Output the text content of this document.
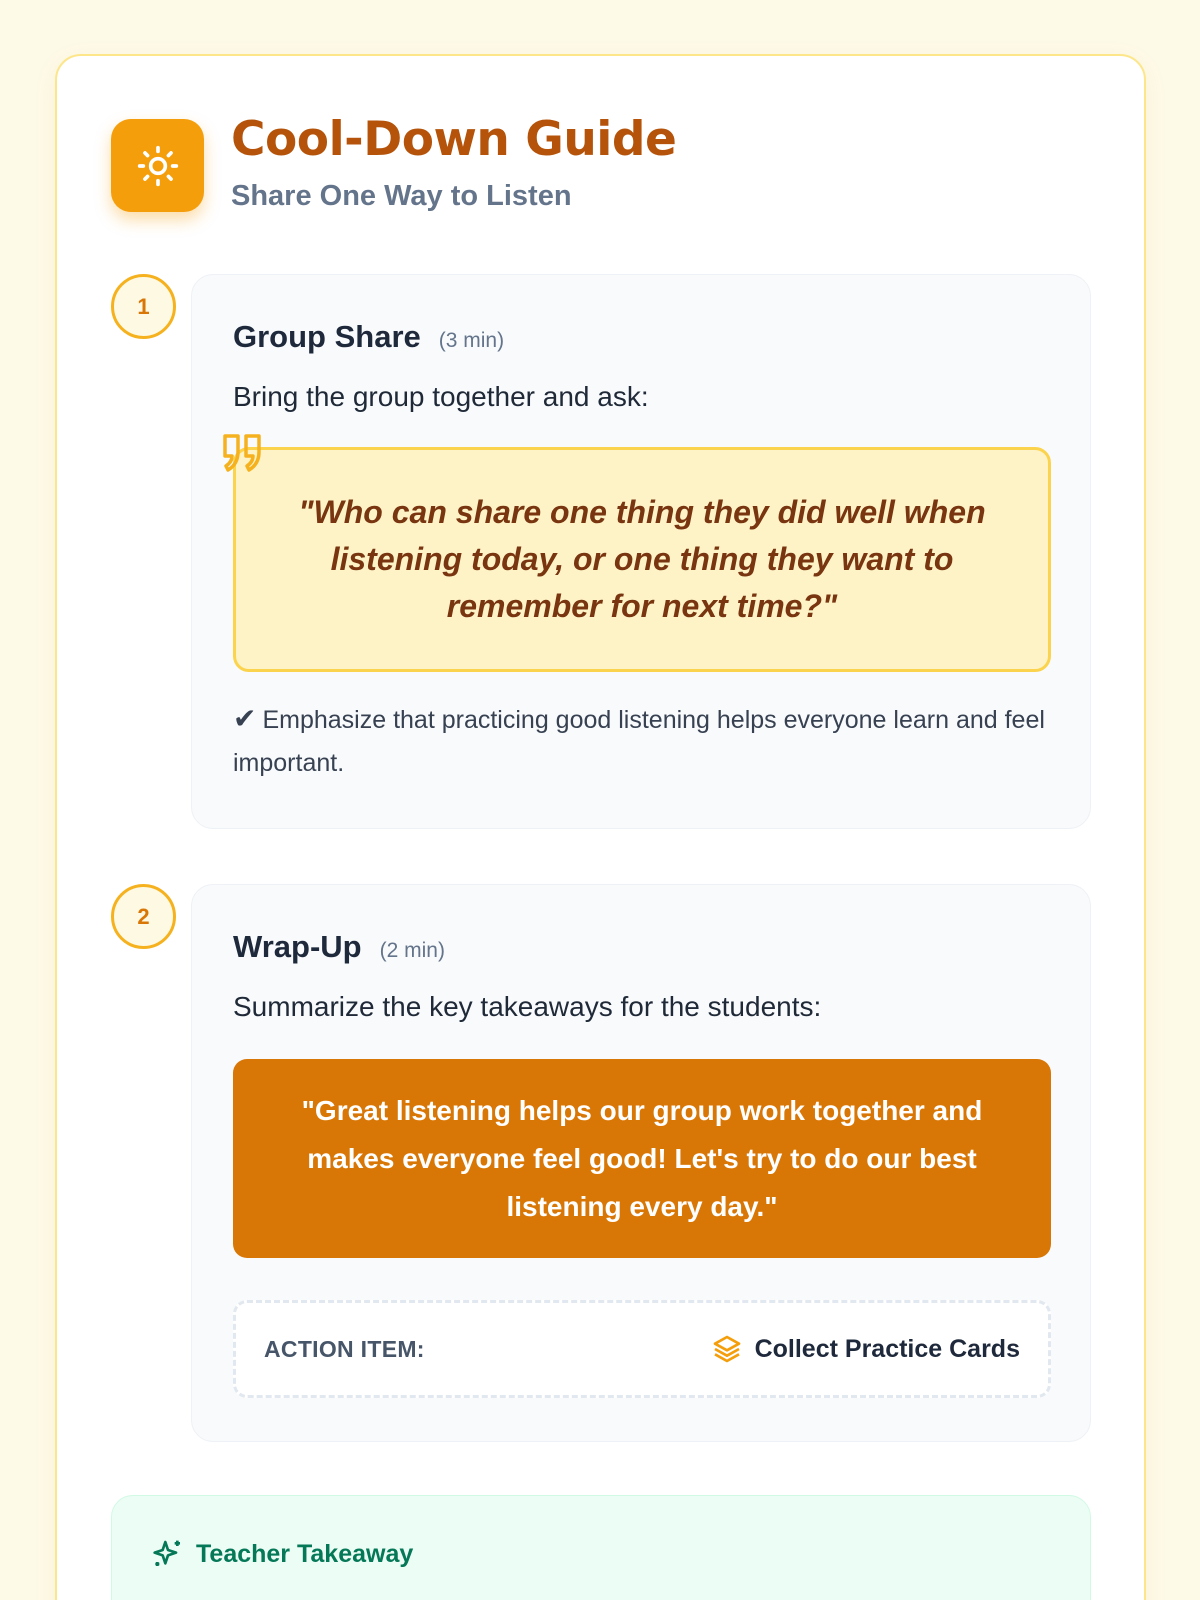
Cool-Down Guide
Share One Way to Listen
1
Group Share (3 min)
Bring the group together and ask:

"Who can share one thing they did well when listening today, or one thing they want to remember for next time?"

✔ Emphasize that practicing good listening helps everyone learn and feel important.
2
Wrap-Up (2 min)
Summarize the key takeaways for the students:

"Great listening helps our group work together and makes everyone feel good! Let's try to do our best listening every day."

ACTION ITEM:	Collect Practice Cards
Teacher Takeaway
